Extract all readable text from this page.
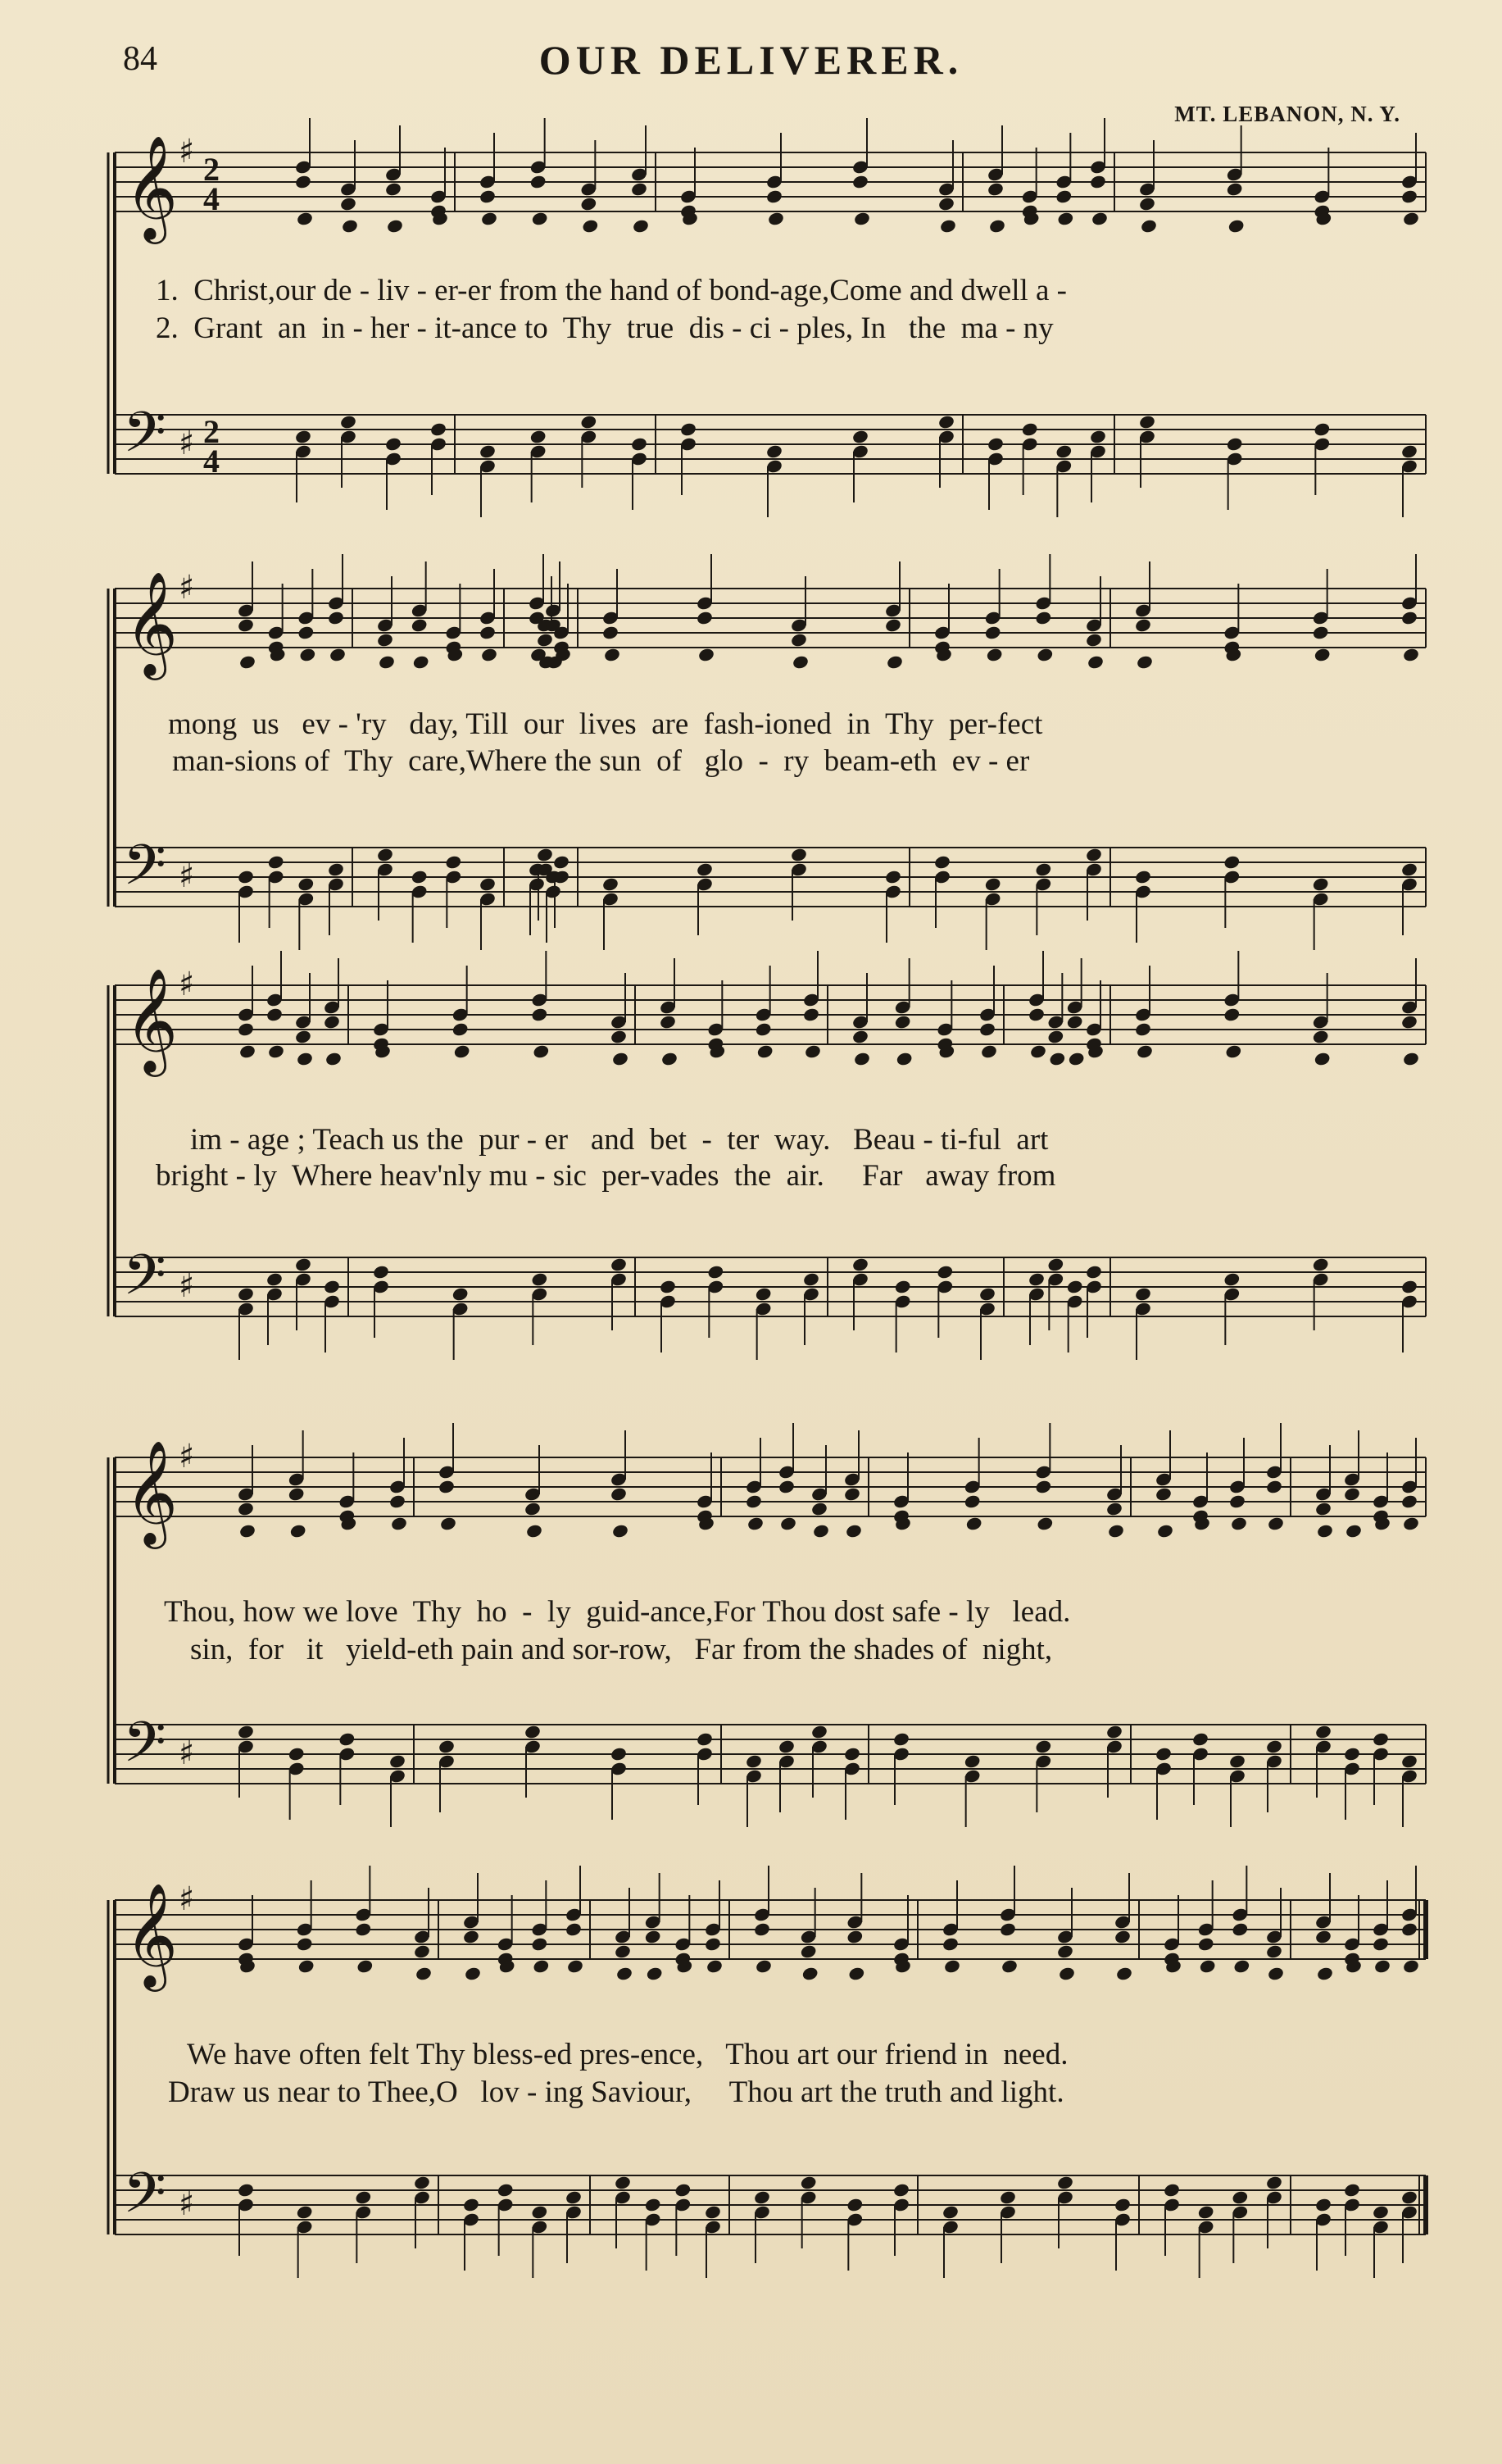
84	OUR DELIVERER.
MT. LEBANON, N. Y.
𝄞
𝄢
♯
♯
2
4
2
4
𝄞
𝄢
♯
♯
𝄞
𝄢
♯
♯
𝄞
𝄢
♯
♯
𝄞
𝄢
♯
♯
1.  Christ,our de - liv - er-er from the hand of bond-age,Come and dwell a -
2.  Grant  an  in - her - it-ance to  Thy  true  dis - ci - ples, In   the  ma - ny
mong  us   ev - 'ry   day, Till  our  lives  are  fash-ioned  in  Thy  per-fect
man-sions of  Thy  care,Where the sun  of   glo  -  ry  beam-eth  ev - er
im - age ; Teach us the  pur - er   and  bet  -  ter  way.   Beau - ti-ful  art
bright - ly  Where heav'nly mu - sic  per-vades  the  air.     Far   away from
Thou, how we love  Thy  ho  -  ly  guid-ance,For Thou dost safe - ly   lead.
sin,  for   it   yield-eth pain and sor-row,   Far from the shades of  night,
We have often felt Thy bless-ed pres-ence,   Thou art our friend in  need.
Draw us near to Thee,O   lov - ing Saviour,     Thou art the truth and light.
